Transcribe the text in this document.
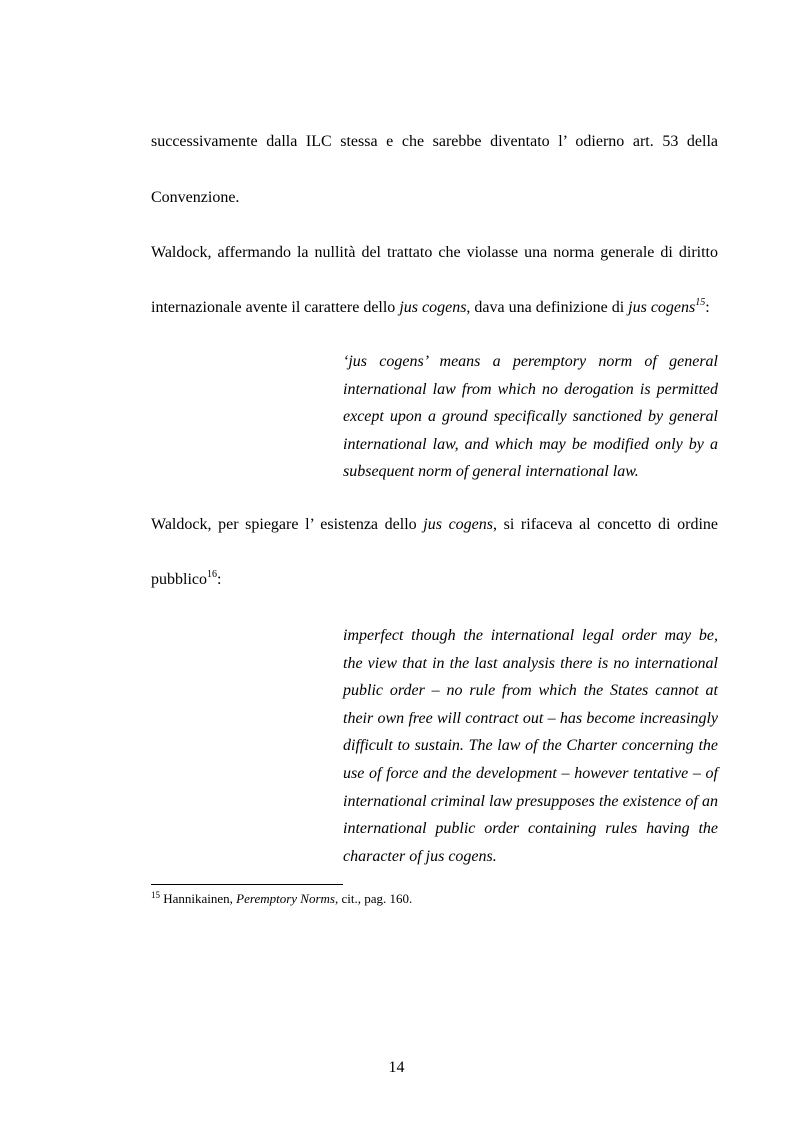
successivamente dalla ILC stessa e che sarebbe diventato l’ odierno art. 53 della
Convenzione.
Waldock, affermando la nullità del trattato che violasse una norma generale di diritto
internazionale avente il carattere dello jus cogens, dava una definizione di jus cogens$^{15}$:
‘jus cogens’ means a peremptory norm of general
international law from which no derogation is permitted
except upon a ground specifically sanctioned by general
international law, and which may be modified only by a
subsequent norm of general international law.
Waldock, per spiegare l’ esistenza dello jus cogens, si rifaceva al concetto di ordine
pubblico$^{16}$:
imperfect though the international legal order may be,
the view that in the last analysis there is no international
public order – no rule from which the States cannot at
their own free will contract out – has become increasingly
difficult to sustain. The law of the Charter concerning the
use of force and the development – however tentative – of
international criminal law presupposes the existence of an
international public order containing rules having the
character of jus cogens.
$^{15}$ Hannikainen, Peremptory Norms, cit., pag. 160.
14
